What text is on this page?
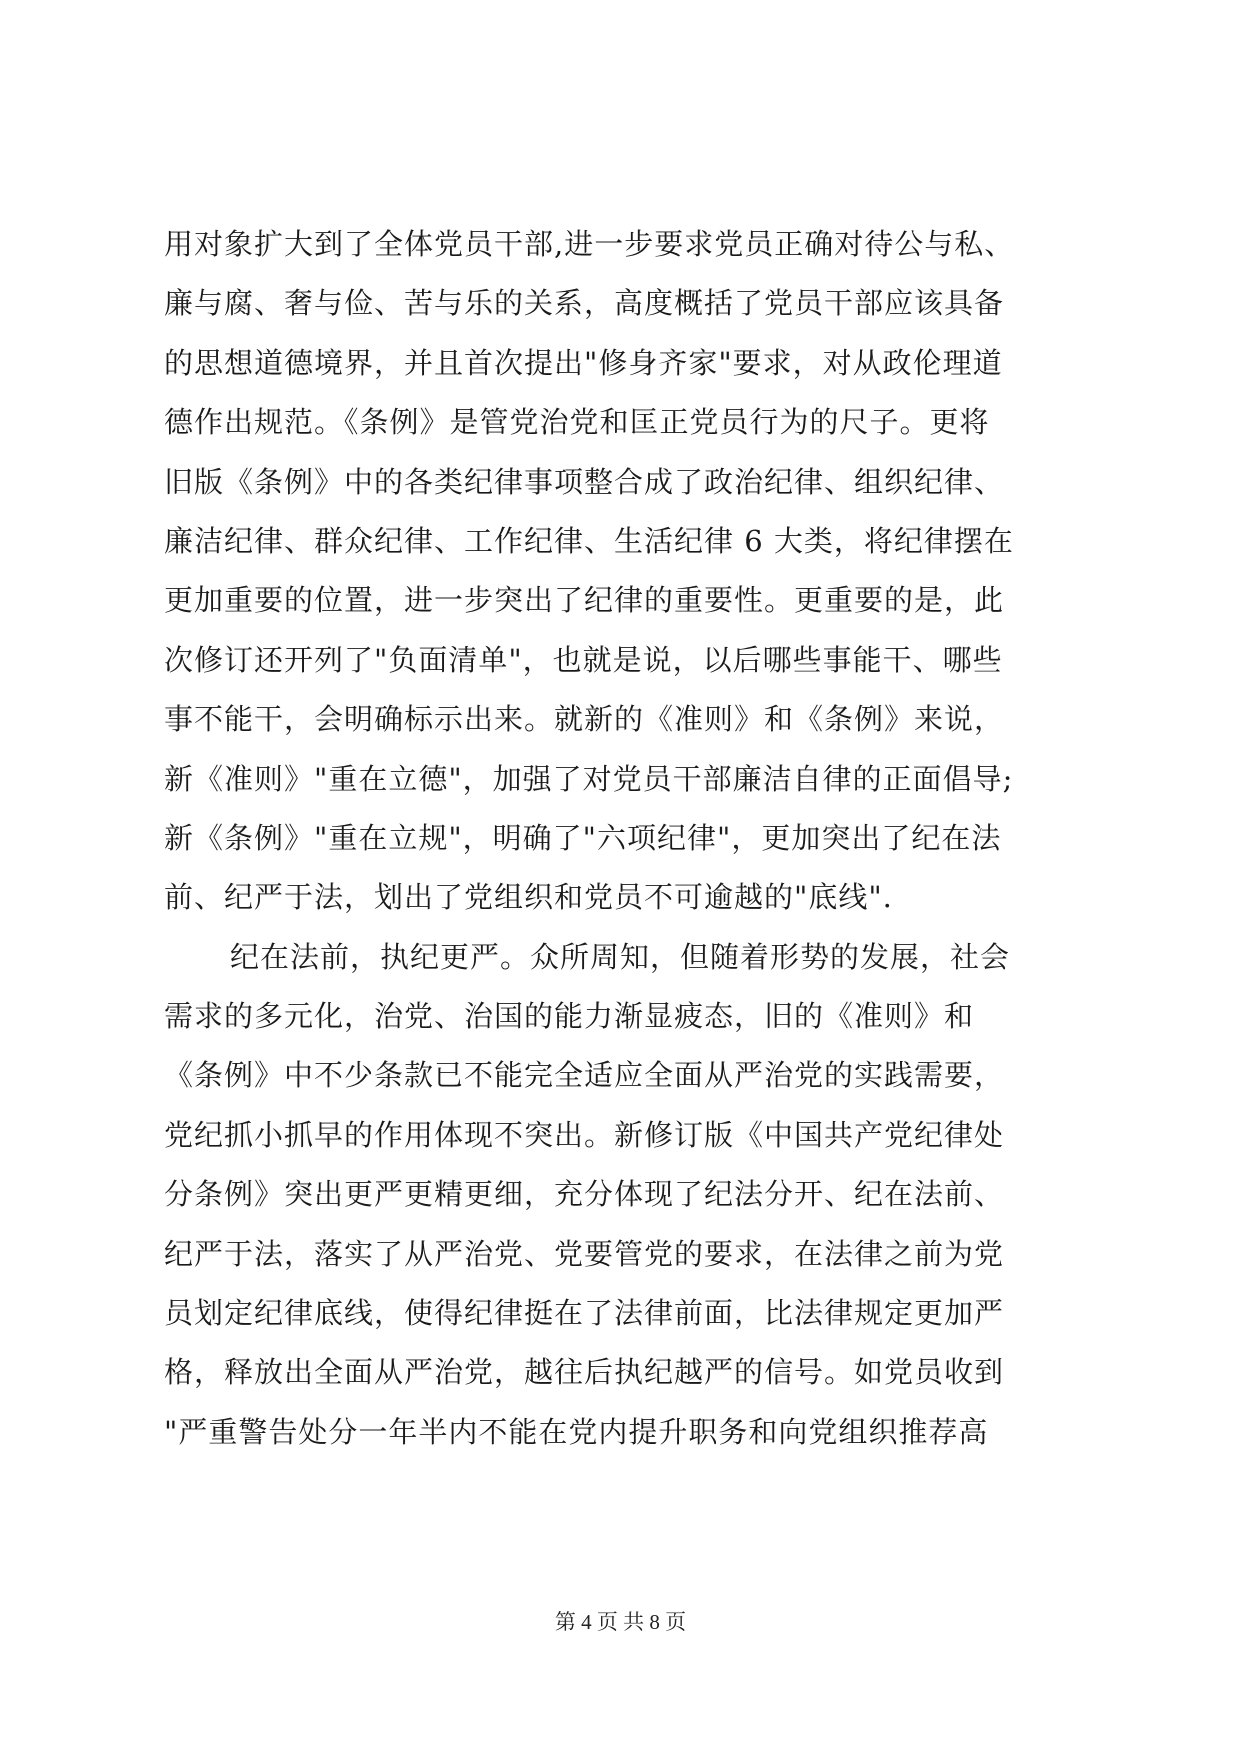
用对象扩大到了全体党员干部,进一步要求党员正确对待公与私、
廉与腐、奢与俭、苦与乐的关系，高度概括了党员干部应该具备
的思想道德境界，并且首次提出"修身齐家"要求，对从政伦理道
德作出规范。《条例》是管党治党和匡正党员行为的尺子。更将
旧版《条例》中的各类纪律事项整合成了政治纪律、组织纪律、
廉洁纪律、群众纪律、工作纪律、生活纪律 6 大类，将纪律摆在
更加重要的位置，进一步突出了纪律的重要性。更重要的是，此
次修订还开列了"负面清单"，也就是说，以后哪些事能干、哪些
事不能干，会明确标示出来。就新的《准则》和《条例》来说，
新《准则》"重在立德"，加强了对党员干部廉洁自律的正面倡导;
新《条例》"重在立规"，明确了"六项纪律"，更加突出了纪在法
前、纪严于法，划出了党组织和党员不可逾越的"底线".
纪在法前，执纪更严。众所周知，但随着形势的发展，社会
需求的多元化，治党、治国的能力渐显疲态，旧的《准则》和
《条例》中不少条款已不能完全适应全面从严治党的实践需要，
党纪抓小抓早的作用体现不突出。新修订版《中国共产党纪律处
分条例》突出更严更精更细，充分体现了纪法分开、纪在法前、
纪严于法，落实了从严治党、党要管党的要求，在法律之前为党
员划定纪律底线，使得纪律挺在了法律前面，比法律规定更加严
格，释放出全面从严治党，越往后执纪越严的信号。如党员收到
"严重警告处分一年半内不能在党内提升职务和向党组织推荐高
第 4 页 共 8 页
